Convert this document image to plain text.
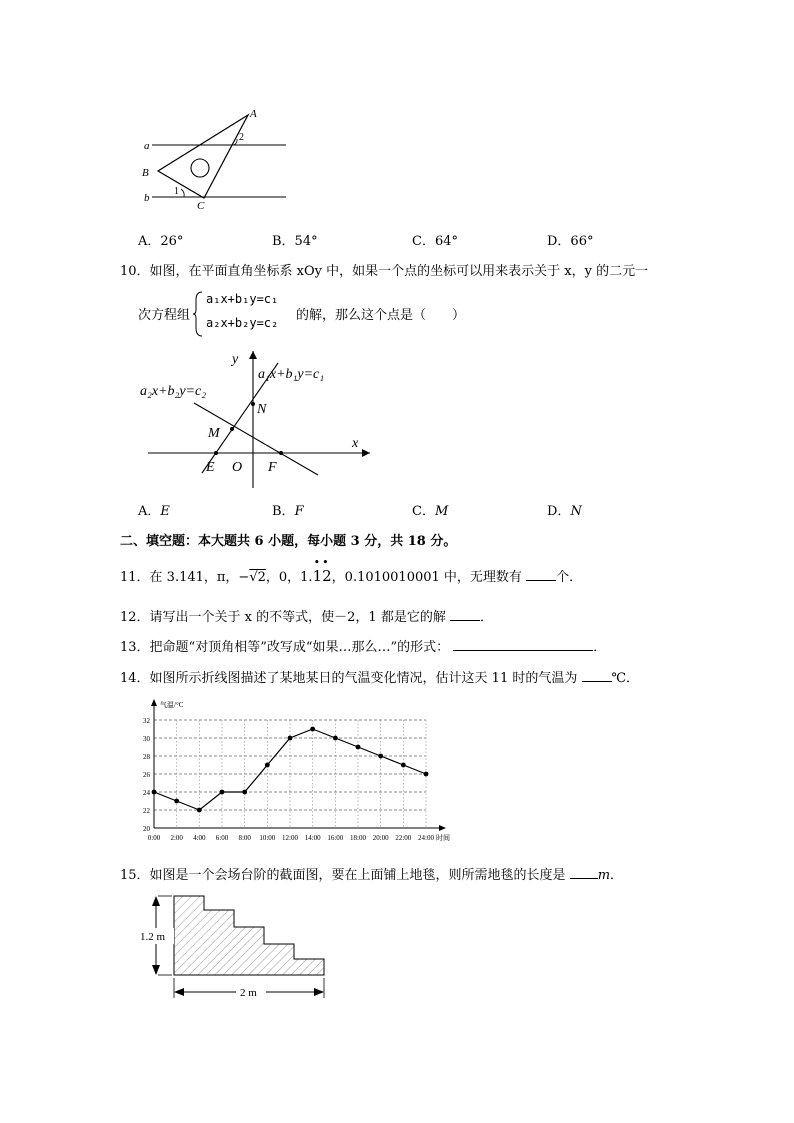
A
2
a
B
b
1
C
A．26°	B．54°	C．64°	D．66°
10．如图，在平面直角坐标系 xOy 中，如果一个点的坐标可以用来表示关于 x，y 的二元一
次方程组
a₁x+b₁y=c₁
a₂x+b₂y=c₂ 的解，那么这个点是（　　）
y
x
a₁x+b₁y=c₁
a₂x+b₂y=c₂
N
M
E O F
A．E	B．F	C．M	D．N
二、填空题：本大题共 6 小题，每小题 3 分，共 18 分。
11．在 3.141，π，−√2，0，1.
••
12，0.1010010001 中，无理数有	个．
12．请写出一个关于 x 的不等式，使－2，1 都是它的解	．
13．把命题“对顶角相等”改写成“如果…那么…”的形式：	．
14．如图所示折线图描述了某地某日的气温变化情况，估计这天 11 时的气温为	℃．
20
22
24
26
28
30
32
0:00 2:00 4:00 6:00 8:00 10:00 12:00 14:00 16:00 18:00 20:00 22:00 24:00
气温/°C
时间
15．如图是一个会场台阶的截面图，要在上面铺上地毯，则所需地毯的长度是 m．
1.2 m
2 m
